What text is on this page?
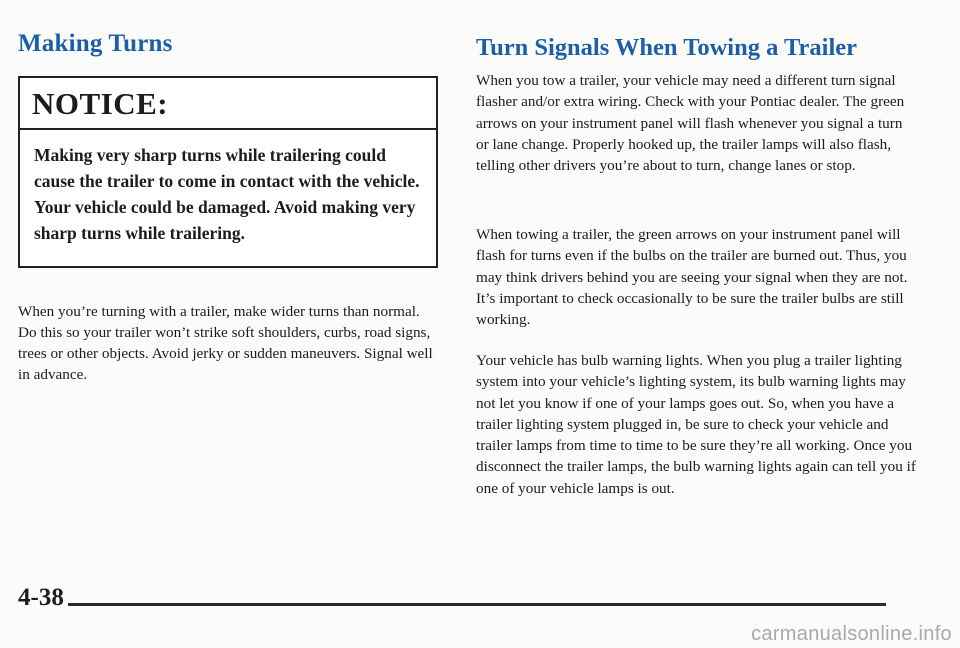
Making Turns
NOTICE:
Making very sharp turns while trailering could cause the trailer to come in contact with the vehicle. Your vehicle could be damaged. Avoid making very sharp turns while trailering.

When you’re turning with a trailer, make wider turns than normal. Do this so your trailer won’t strike soft shoulders, curbs, road signs, trees or other objects. Avoid jerky or sudden maneuvers. Signal well in advance.

Turn Signals When Towing a Trailer

When you tow a trailer, your vehicle may need a different turn signal flasher and/or extra wiring. Check with your Pontiac dealer. The green arrows on your instrument panel will flash whenever you signal a turn or lane change. Properly hooked up, the trailer lamps will also flash, telling other drivers you’re about to turn, change lanes or stop.

When towing a trailer, the green arrows on your instrument panel will flash for turns even if the bulbs on the trailer are burned out. Thus, you may think drivers behind you are seeing your signal when they are not. It’s important to check occasionally to be sure the trailer bulbs are still working.

Your vehicle has bulb warning lights. When you plug a trailer lighting system into your vehicle’s lighting system, its bulb warning lights may not let you know if one of your lamps goes out. So, when you have a trailer lighting system plugged in, be sure to check your vehicle and trailer lamps from time to time to be sure they’re all working. Once you disconnect the trailer lamps, the bulb warning lights again can tell you if one of your vehicle lamps is out.

4-38
carmanualsonline.info
